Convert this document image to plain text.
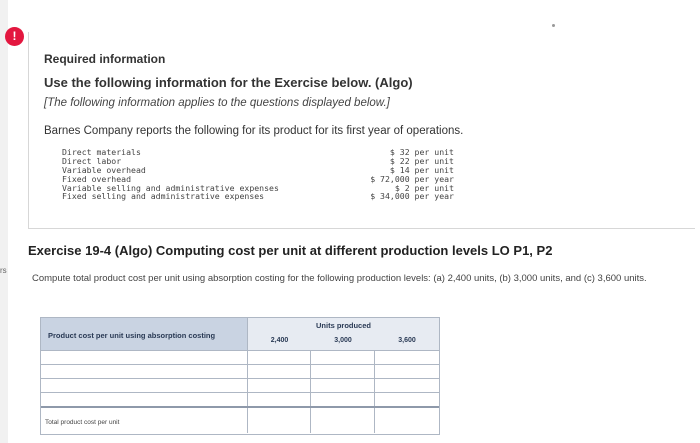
rs
!
Required information
Use the following information for the Exercise below. (Algo)
[The following information applies to the questions displayed below.]
Barnes Company reports the following for its product for its first year of operations.
Direct materials	$ 32 per unit
Direct labor	$ 22 per unit
Variable overhead	$ 14 per unit
Fixed overhead	$ 72,000 per year
Variable selling and administrative expenses	$ 2 per unit
Fixed selling and administrative expenses	$ 34,000 per year
Exercise 19-4 (Algo) Computing cost per unit at different production levels LO P1, P2
Compute total product cost per unit using absorption costing for the following production levels: (a) 2,400 units, (b) 3,000 units, and (c) 3,600 units.
Product cost per unit using absorption costing
Units produced
2,400	3,000	3,600
Total product cost per unit
